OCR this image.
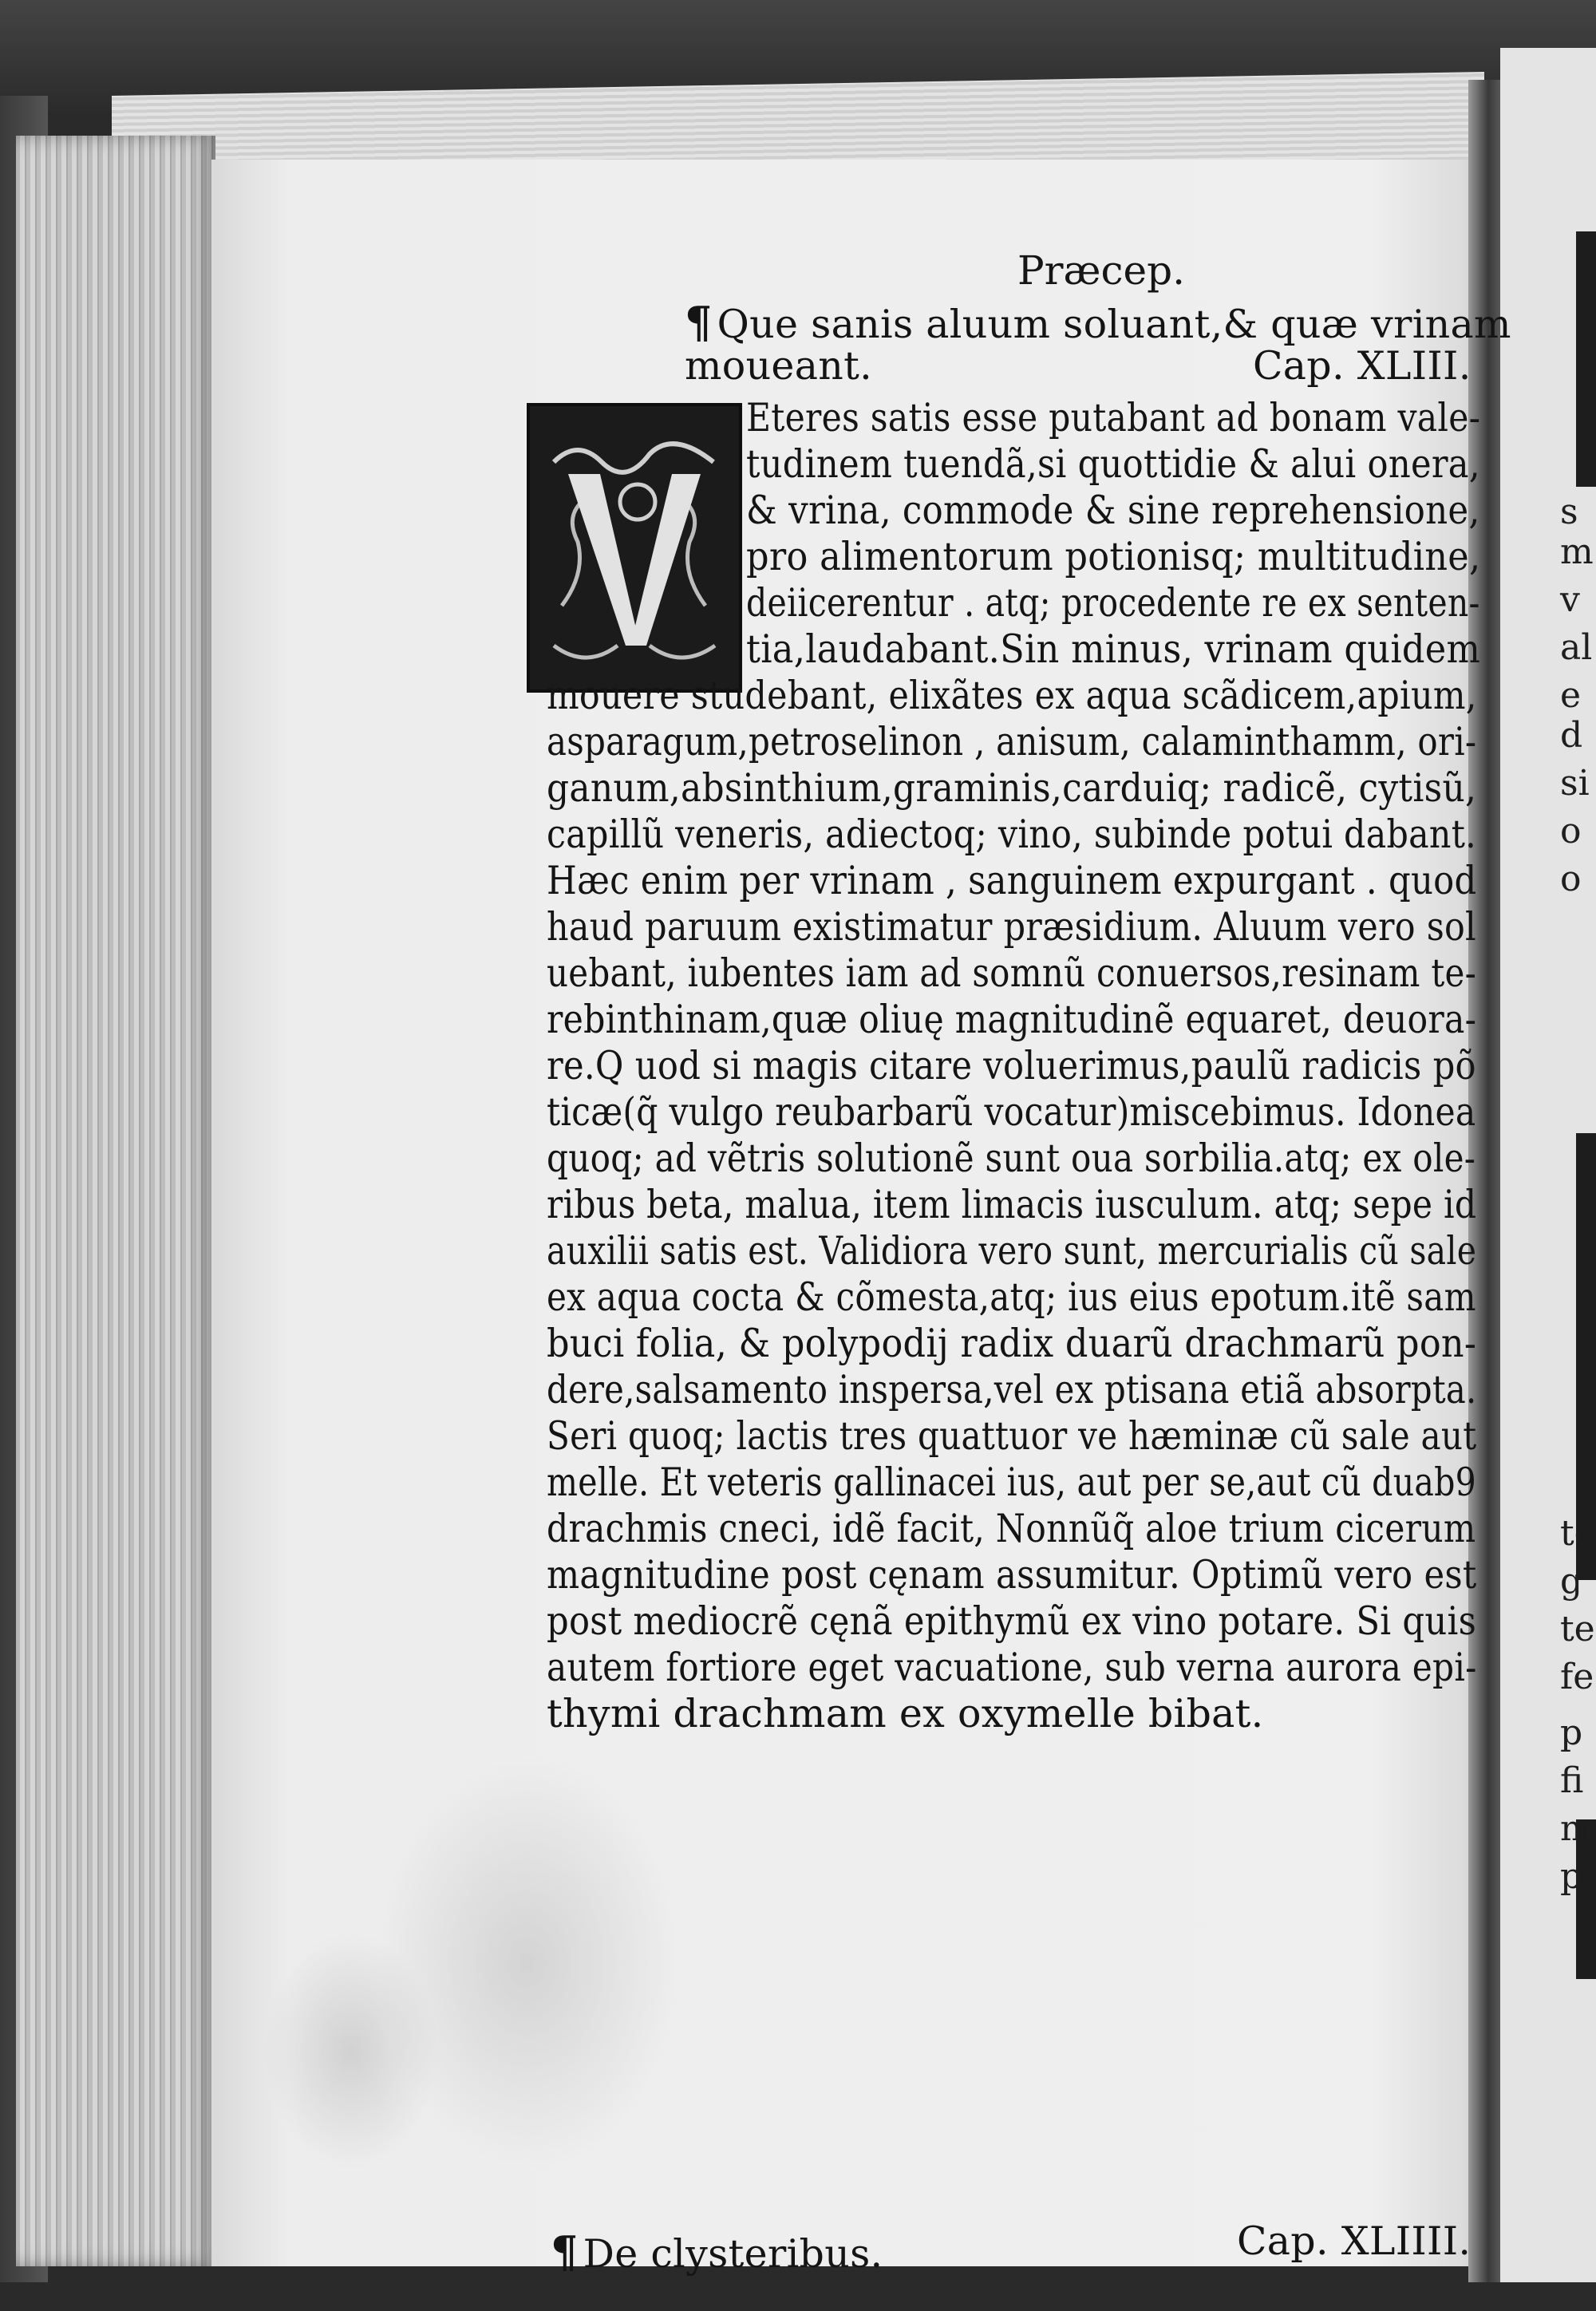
s
m
v
al
e
d
si
o
o
te
g
te
fe
p
fi
m
p
Præcep.
¶ Que sanis aluum soluant,& quæ vrinam
moueant.	Cap. XLIII.
Eteres satis esse putabant ad bonam vale-
tudinem tuendã,si quottidie & alui onera,
& vrina, commode & sine reprehensione,
pro alimentorum potionisq; multitudine,
deiicerentur . atq; procedente re ex senten-
tia,laudabant.Sin minus, vrinam quidem
mouere studebant, elixãtes ex aqua scãdicem,apium,
asparagum,petroselinon , anisum, calaminthamm, ori-
ganum,absinthium,graminis,carduiq; radicẽ, cytisũ,
capillũ veneris, adiectoq; vino, subinde potui dabant.
Hæc enim per vrinam , sanguinem expurgant . quod
haud paruum existimatur præsidium. Aluum vero sol
uebant, iubentes iam ad somnũ conuersos,resinam te-
rebinthinam,quæ oliuę magnitudinẽ equaret, deuora-
re.Q uod si magis citare voluerimus,paulũ radicis põ
ticæ(q̃ vulgo reubarbarũ vocatur)miscebimus. Idonea
quoq; ad vẽtris solutionẽ sunt oua sorbilia.atq; ex ole-
ribus beta, malua, item limacis iusculum. atq; sepe id
auxilii satis est. Validiora vero sunt, mercurialis cũ sale
ex aqua cocta & cõmesta,atq; ius eius epotum.itẽ sam
buci folia, & polypodij radix duarũ drachmarũ pon-
dere,salsamento inspersa,vel ex ptisana etiã absorpta.
Seri quoq; lactis tres quattuor ve hæminæ cũ sale aut
melle. Et veteris gallinacei ius, aut per se,aut cũ duab9
drachmis cneci, idẽ facit, Nonnũq̃ aloe trium cicerum
magnitudine post cęnam assumitur. Optimũ vero est
post mediocrẽ cęnã epithymũ ex vino potare. Si quis
autem fortiore eget vacuatione, sub verna aurora epi-
thymi drachmam ex oxymelle bibat.
¶ De clysteribus.	Cap. XLIIII.
